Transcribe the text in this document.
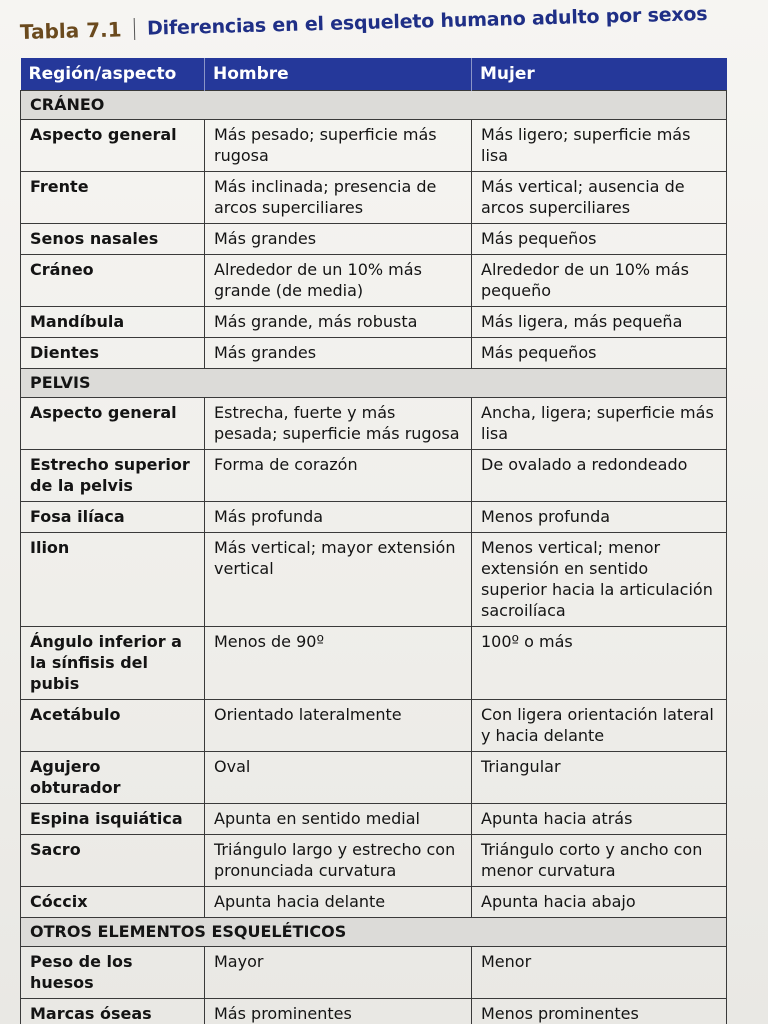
Tabla 7.1 Diferencias en el esqueleto humano adulto por sexos
Región/aspecto	Hombre	Mujer
CRÁNEO		
Aspecto general	Más pesado; superficie más rugosa	Más ligero; superficie más lisa
Frente	Más inclinada; presencia de arcos superciliares	Más vertical; ausencia de arcos superciliares
Senos nasales	Más grandes	Más pequeños
Cráneo	Alrededor de un 10% más grande (de media)	Alrededor de un 10% más pequeño
Mandíbula	Más grande, más robusta	Más ligera, más pequeña
Dientes	Más grandes	Más pequeños
PELVIS		
Aspecto general	Estrecha, fuerte y más pesada; superficie más rugosa	Ancha, ligera; superficie más lisa
Estrecho superior de la pelvis	Forma de corazón	De ovalado a redondeado
Fosa ilíaca	Más profunda	Menos profunda
Ilion	Más vertical; mayor extensión vertical	Menos vertical; menor extensión en sentido superior hacia la articulación sacroilíaca
Ángulo inferior a la sínfisis del pubis	Menos de 90º	100º o más
Acetábulo	Orientado lateralmente	Con ligera orientación lateral y hacia delante
Agujero obturador	Oval	Triangular
Espina isquiática	Apunta en sentido medial	Apunta hacia atrás
Sacro	Triángulo largo y estrecho con pronunciada curvatura	Triángulo corto y ancho con menor curvatura
Cóccix	Apunta hacia delante	Apunta hacia abajo
OTROS ELEMENTOS ESQUELÉTICOS		
Peso de los huesos	Mayor	Menor
Marcas óseas	Más prominentes	Menos prominentes
